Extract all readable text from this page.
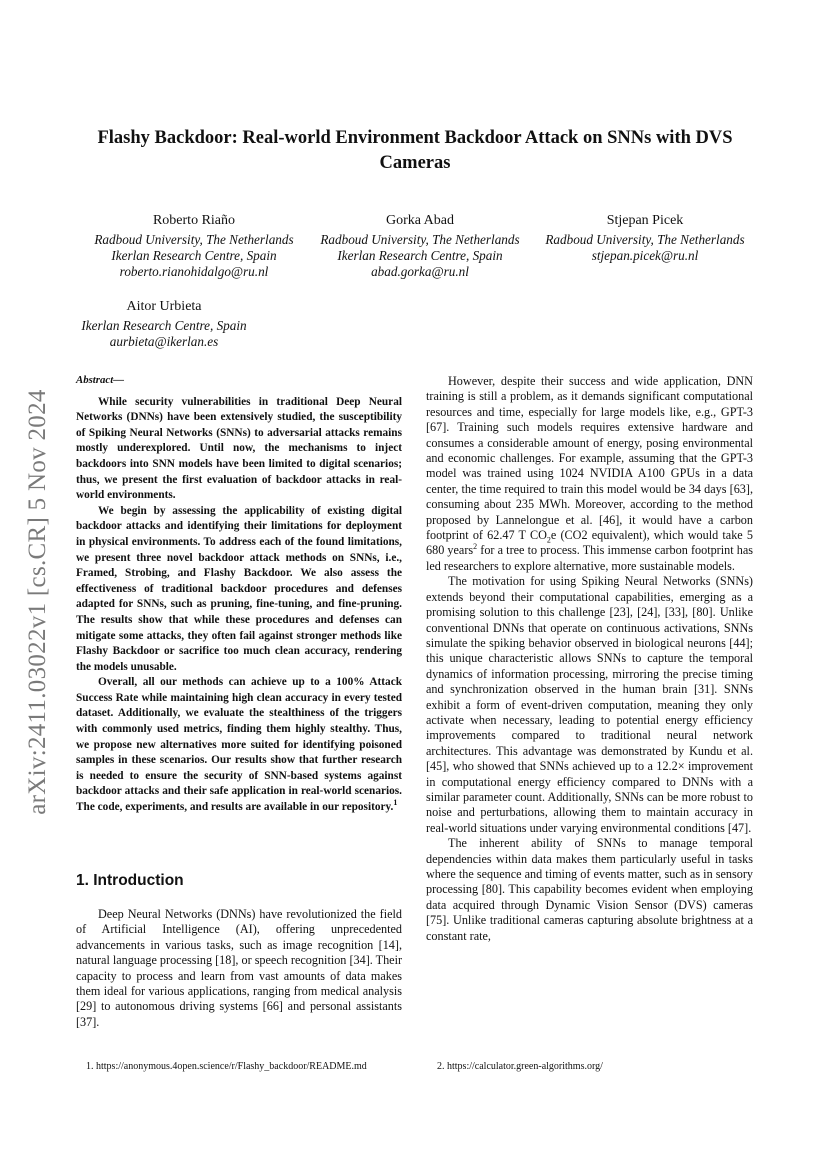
arXiv:2411.03022v1 [cs.CR] 5 Nov 2024
Flashy Backdoor: Real-world Environment Backdoor Attack on SNNs with DVS Cameras
Roberto Riaño
Radboud University, The Netherlands
Ikerlan Research Centre, Spain
roberto.rianohidalgo@ru.nl
Gorka Abad
Radboud University, The Netherlands
Ikerlan Research Centre, Spain
abad.gorka@ru.nl
Stjepan Picek
Radboud University, The Netherlands
stjepan.picek@ru.nl
Aitor Urbieta
Ikerlan Research Centre, Spain
aurbieta@ikerlan.es

Abstract—

While security vulnerabilities in traditional Deep Neural Networks (DNNs) have been extensively studied, the susceptibility of Spiking Neural Networks (SNNs) to adversarial attacks remains mostly underexplored. Until now, the mechanisms to inject backdoors into SNN models have been limited to digital scenarios; thus, we present the first evaluation of backdoor attacks in real-world environments.

We begin by assessing the applicability of existing digital backdoor attacks and identifying their limitations for deployment in physical environments. To address each of the found limitations, we present three novel backdoor attack methods on SNNs, i.e., Framed, Strobing, and Flashy Backdoor. We also assess the effectiveness of traditional backdoor procedures and defenses adapted for SNNs, such as pruning, fine-tuning, and fine-pruning. The results show that while these procedures and defenses can mitigate some attacks, they often fail against stronger methods like Flashy Backdoor or sacrifice too much clean accuracy, rendering the models unusable.

Overall, all our methods can achieve up to a 100% Attack Success Rate while maintaining high clean accuracy in every tested dataset. Additionally, we evaluate the stealthiness of the triggers with commonly used metrics, finding them highly stealthy. Thus, we propose new alternatives more suited for identifying poisoned samples in these scenarios. Our results show that further research is needed to ensure the security of SNN-based systems against backdoor attacks and their safe application in real-world scenarios. The code, experiments, and results are available in our repository.$^1$

1. Introduction

Deep Neural Networks (DNNs) have revolutionized the field of Artificial Intelligence (AI), offering unprecedented advancements in various tasks, such as image recognition [14], natural language processing [18], or speech recognition [34]. Their capacity to process and learn from vast amounts of data makes them ideal for various applications, ranging from medical analysis [29] to autonomous driving systems [66] and personal assistants [37].

However, despite their success and wide application, DNN training is still a problem, as it demands significant computational resources and time, especially for large models like, e.g., GPT-3 [67]. Training such models requires extensive hardware and consumes a considerable amount of energy, posing environmental and economic challenges. For example, assuming that the GPT-3 model was trained using 1024 NVIDIA A100 GPUs in a data center, the time required to train this model would be 34 days [63], consuming about 235 MWh. Moreover, according to the method proposed by Lannelongue et al. [46], it would have a carbon footprint of 62.47 T $CO_2e$ (CO2 equivalent), which would take 5 680 years$^2$ for a tree to process. This immense carbon footprint has led researchers to explore alternative, more sustainable models.

The motivation for using Spiking Neural Networks (SNNs) extends beyond their computational capabilities, emerging as a promising solution to this challenge [23], [24], [33], [80]. Unlike conventional DNNs that operate on continuous activations, SNNs simulate the spiking behavior observed in biological neurons [44]; this unique characteristic allows SNNs to capture the temporal dynamics of information processing, mirroring the precise timing and synchronization observed in the human brain [31]. SNNs exhibit a form of event-driven computation, meaning they only activate when necessary, leading to potential energy efficiency improvements compared to traditional neural network architectures. This advantage was demonstrated by Kundu et al. [45], who showed that SNNs achieved up to a 12.2× improvement in computational energy efficiency compared to DNNs with a similar parameter count. Additionally, SNNs can be more robust to noise and perturbations, allowing them to maintain accuracy in real-world situations under varying environmental conditions [47].

The inherent ability of SNNs to manage temporal dependencies within data makes them particularly useful in tasks where the sequence and timing of events matter, such as in sensory processing [80]. This capability becomes evident when employing data acquired through Dynamic Vision Sensor (DVS) cameras [75]. Unlike traditional cameras capturing absolute brightness at a constant rate,

1. https://anonymous.4open.science/r/Flashy_backdoor/README.md	2. https://calculator.green-algorithms.org/
